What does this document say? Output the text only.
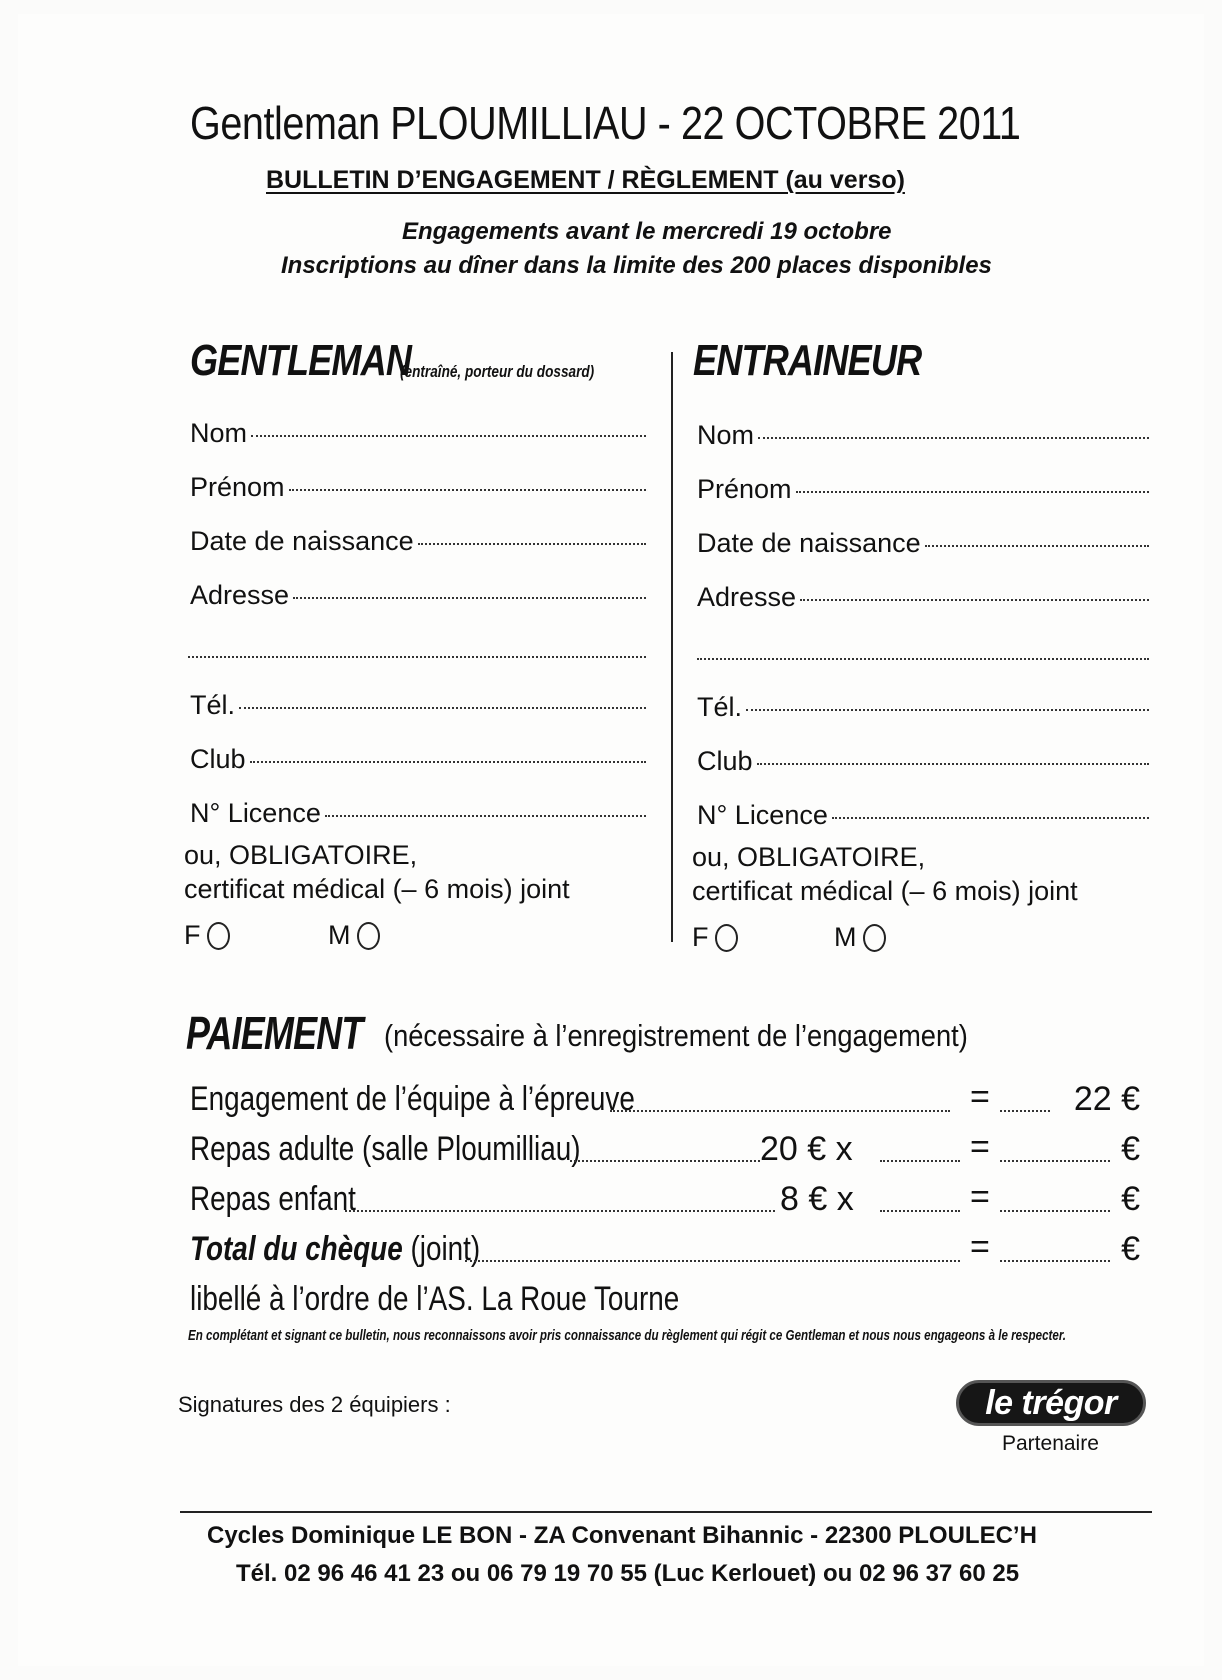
Gentleman PLOUMILLIAU - 22 OCTOBRE 2011
BULLETIN D’ENGAGEMENT / RÈGLEMENT (au verso)
Engagements avant le mercredi 19 octobre
Inscriptions au dîner dans la limite des 200 places disponibles
GENTLEMAN
(entraîné, porteur du dossard) ENTRAINEUR
Nom
Prénom
Date de naissance
Adresse
Tél.
Club
N° Licence
ou, OBLIGATOIRE,
certificat médical (– 6 mois) joint
F	M
Nom
Prénom
Date de naissance
Adresse
Tél.
Club
N° Licence
ou, OBLIGATOIRE,
certificat médical (– 6 mois) joint
F	M
PAIEMENT (nécessaire à l’enregistrement de l’engagement)
Engagement de l’équipe à l’épreuve	= 22 €
Repas adulte (salle Ploumilliau)	20 € x	=	€
Repas enfant	8 € x	=	€
Total du chèque (joint)	=	€
libellé à l’ordre de l’AS. La Roue Tourne
En complétant et signant ce bulletin, nous reconnaissons avoir pris connaissance du règlement qui régit ce Gentleman et nous nous engageons à le respecter.
Signatures des 2 équipiers :	le trégor
Partenaire
Cycles Dominique LE BON - ZA Convenant Bihannic - 22300 PLOULEC’H
Tél. 02 96 46 41 23 ou 06 79 19 70 55 (Luc Kerlouet) ou 02 96 37 60 25
